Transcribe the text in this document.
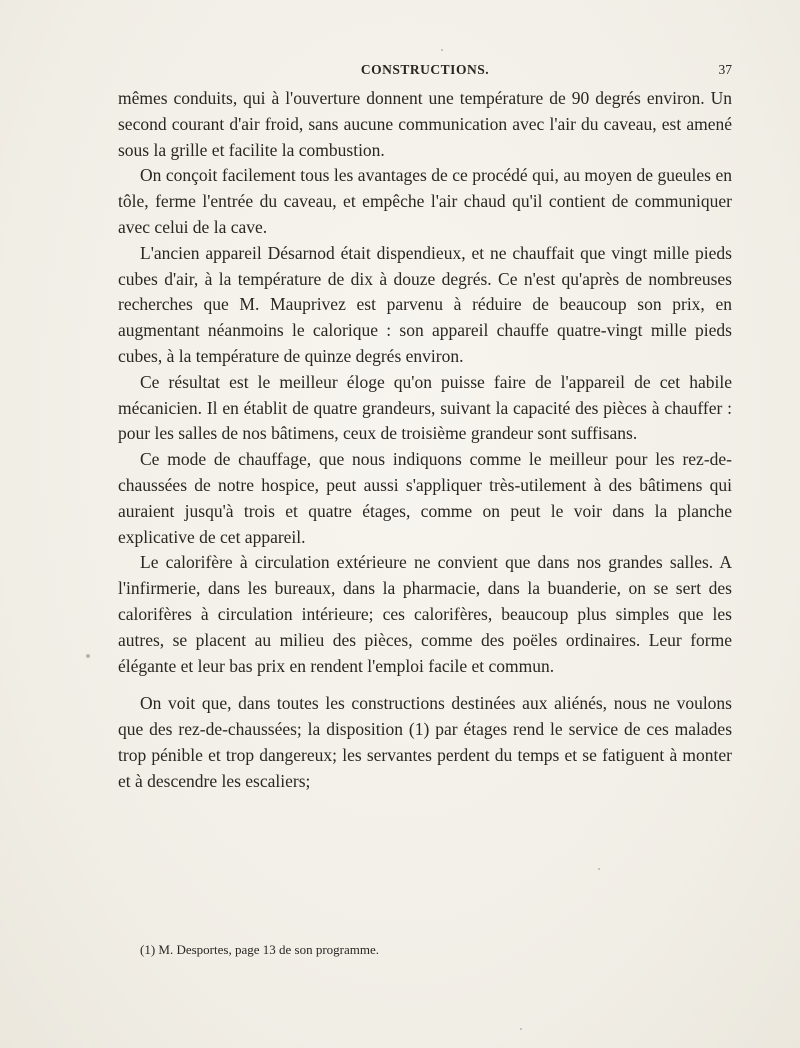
CONSTRUCTIONS.	37

mêmes conduits, qui à l'ouverture donnent une température de 90 degrés environ. Un second courant d'air froid, sans aucune communication avec l'air du caveau, est amené sous la grille et facilite la combustion.

On conçoit facilement tous les avantages de ce procédé qui, au moyen de gueules en tôle, ferme l'entrée du caveau, et empêche l'air chaud qu'il contient de communiquer avec celui de la cave.

L'ancien appareil Désarnod était dispendieux, et ne chauffait que vingt mille pieds cubes d'air, à la température de dix à douze degrés. Ce n'est qu'après de nombreuses recherches que M. Mauprivez est parvenu à réduire de beaucoup son prix, en augmentant néanmoins le calorique : son appareil chauffe quatre-vingt mille pieds cubes, à la température de quinze degrés environ.

Ce résultat est le meilleur éloge qu'on puisse faire de l'appareil de cet habile mécanicien. Il en établit de quatre grandeurs, suivant la capacité des pièces à chauffer : pour les salles de nos bâtimens, ceux de troisième grandeur sont suffisans.

Ce mode de chauffage, que nous indiquons comme le meilleur pour les rez-de-chaussées de notre hospice, peut aussi s'appliquer très-utilement à des bâtimens qui auraient jusqu'à trois et quatre étages, comme on peut le voir dans la planche explicative de cet appareil.

Le calorifère à circulation extérieure ne convient que dans nos grandes salles. A l'infirmerie, dans les bureaux, dans la pharmacie, dans la buanderie, on se sert des calorifères à circulation intérieure; ces calorifères, beaucoup plus simples que les autres, se placent au milieu des pièces, comme des poëles ordinaires. Leur forme élégante et leur bas prix en rendent l'emploi facile et commun.

On voit que, dans toutes les constructions destinées aux aliénés, nous ne voulons que des rez-de-chaussées; la disposition (1) par étages rend le service de ces malades trop pénible et trop dangereux; les servantes perdent du temps et se fatiguent à monter et à descendre les escaliers;

(1) M. Desportes, page 13 de son programme.
